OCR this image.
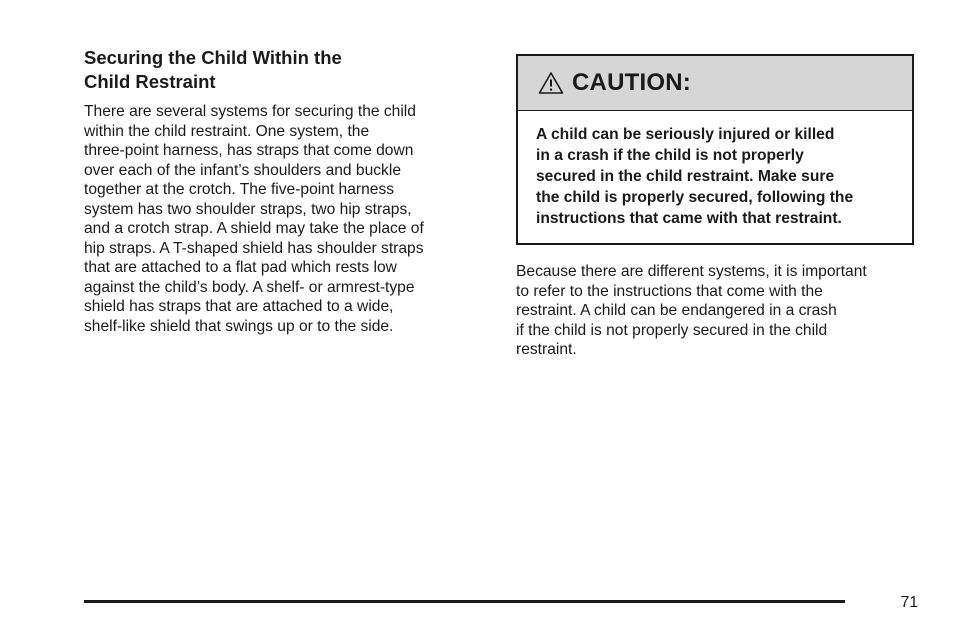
Securing the Child Within the
Child Restraint

There are several systems for securing the child
within the child restraint. One system, the
three-point harness, has straps that come down
over each of the infant’s shoulders and buckle
together at the crotch. The five-point harness
system has two shoulder straps, two hip straps,
and a crotch strap. A shield may take the place of
hip straps. A T-shaped shield has shoulder straps
that are attached to a flat pad which rests low
against the child’s body. A shelf- or armrest-type
shield has straps that are attached to a wide,
shelf-like shield that swings up or to the side.

CAUTION:
A child can be seriously injured or killed
in a crash if the child is not properly
secured in the child restraint. Make sure
the child is properly secured, following the
instructions that came with that restraint.
Because there are different systems, it is important
to refer to the instructions that come with the
restraint. A child can be endangered in a crash
if the child is not properly secured in the child
restraint.
71
